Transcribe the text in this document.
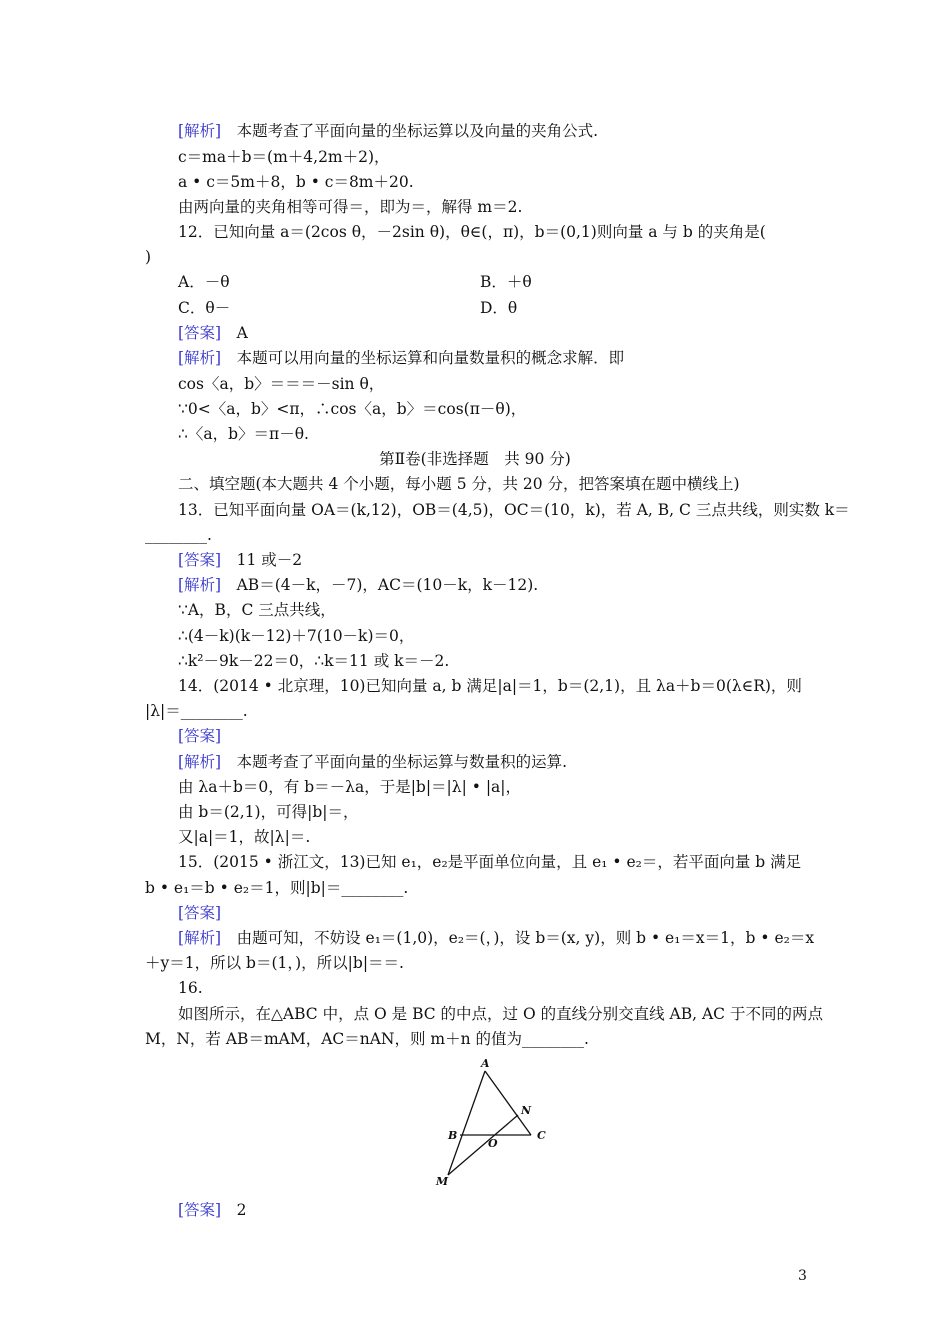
[解析]　本题考查了平面向量的坐标运算以及向量的夹角公式.
c＝ma＋b＝(m＋4,2m＋2)，
a • c＝5m＋8，b • c＝8m＋20.
由两向量的夹角相等可得＝，即为＝，解得 m＝2.
12．已知向量 a＝(2cos θ，－2sin θ)，θ∈(，π)，b＝(0,1)则向量 a 与 b 的夹角是(
)
A．－θ	B．＋θ
C．θ－	D．θ
[答案]　A
[解析]　本题可以用向量的坐标运算和向量数量积的概念求解．即
cos〈a，b〉＝＝＝－sin θ，
∵0<〈a，b〉<π，∴cos〈a，b〉＝cos(π－θ)，
∴〈a，b〉＝π－θ.
第Ⅱ卷(非选择题　共 90 分)
二、填空题(本大题共 4 个小题，每小题 5 分，共 20 分，把答案填在题中横线上)
13．已知平面向量 OA＝(k,12)，OB＝(4,5)，OC＝(10，k)，若 A, B, C 三点共线，则实数 k＝
________.
[答案]　11 或－2
[解析]　AB＝(4－k，－7)，AC＝(10－k，k－12).
∵A，B，C 三点共线，
∴(4－k)(k－12)＋7(10－k)＝0，
∴k²－9k－22＝0，∴k＝11 或 k＝－2.
14．(2014 • 北京理，10)已知向量 a, b 满足|a|＝1，b＝(2,1)，且 λa＋b＝0(λ∈R)，则
|λ|＝________.
[答案]
[解析]　本题考查了平面向量的坐标运算与数量积的运算.
由 λa＋b＝0，有 b＝－λa，于是|b|＝|λ| • |a|，
由 b＝(2,1)，可得|b|＝，
又|a|＝1，故|λ|＝.
15．(2015 • 浙江文，13)已知 e₁，e₂是平面单位向量，且 e₁ • e₂＝，若平面向量 b 满足
b • e₁＝b • e₂＝1，则|b|＝________.
[答案]
[解析]　由题可知，不妨设 e₁＝(1,0)，e₂＝(，)，设 b＝(x, y)，则 b • e₁＝x＝1，b • e₂＝x
＋y＝1，所以 b＝(1，)，所以|b|＝＝.
16.
如图所示，在△ABC 中，点 O 是 BC 的中点，过 O 的直线分别交直线 AB, AC 于不同的两点
M，N，若 AB＝mAM，AC＝nAN，则 m＋n 的值为________.
A
B	C
O
N
M
[答案]　2
3
